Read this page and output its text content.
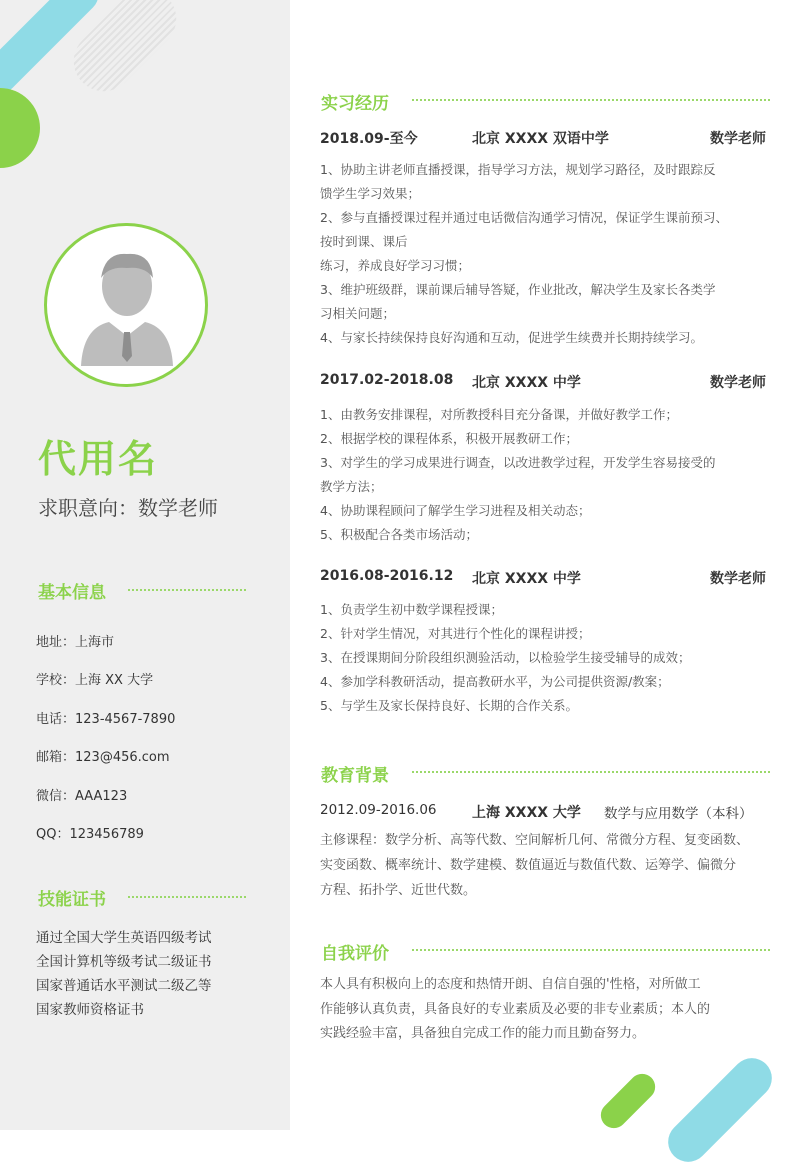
代用名
求职意向：数学老师
基本信息
地址：上海市
学校：上海 XX 大学
电话：123-4567-7890
邮箱：123@456.com
微信：AAA123
QQ：123456789
技能证书
通过全国大学生英语四级考试
全国计算机等级考试二级证书
国家普通话水平测试二级乙等
国家教师资格证书
实习经历
2018.09-至今	北京 XXXX 双语中学	数学老师
1、协助主讲老师直播授课，指导学习方法，规划学习路径，及时跟踪反
馈学生学习效果；
2、参与直播授课过程并通过电话微信沟通学习情况，保证学生课前预习、
按时到课、课后
练习，养成良好学习习惯；
3、维护班级群，课前课后辅导答疑，作业批改，解决学生及家长各类学
习相关问题；
4、与家长持续保持良好沟通和互动，促进学生续费并长期持续学习。
2017.02-2018.08 北京 XXXX 中学	数学老师
1、由教务安排课程，对所教授科目充分备课，并做好教学工作；
2、根据学校的课程体系，积极开展教研工作；
3、对学生的学习成果进行调查，以改进教学过程，开发学生容易接受的
教学方法；
4、协助课程顾问了解学生学习进程及相关动态；
5、积极配合各类市场活动；
2016.08-2016.12 北京 XXXX 中学	数学老师
1、负责学生初中数学课程授课；
2、针对学生情况，对其进行个性化的课程讲授；
3、在授课期间分阶段组织测验活动，以检验学生接受辅导的成效；
4、参加学科教研活动，提高教研水平，为公司提供资源/教案；
5、与学生及家长保持良好、长期的合作关系。
教育背景
2012.09-2016.06	上海 XXXX 大学 数学与应用数学（本科）
主修课程：数学分析、高等代数、空间解析几何、常微分方程、复变函数、
实变函数、概率统计、数学建模、数值逼近与数值代数、运筹学、偏微分
方程、拓扑学、近世代数。
自我评价
本人具有积极向上的态度和热情开朗、自信自强的'性格，对所做工
作能够认真负责，具备良好的专业素质及必要的非专业素质；本人的
实践经验丰富，具备独自完成工作的能力而且勤奋努力。
